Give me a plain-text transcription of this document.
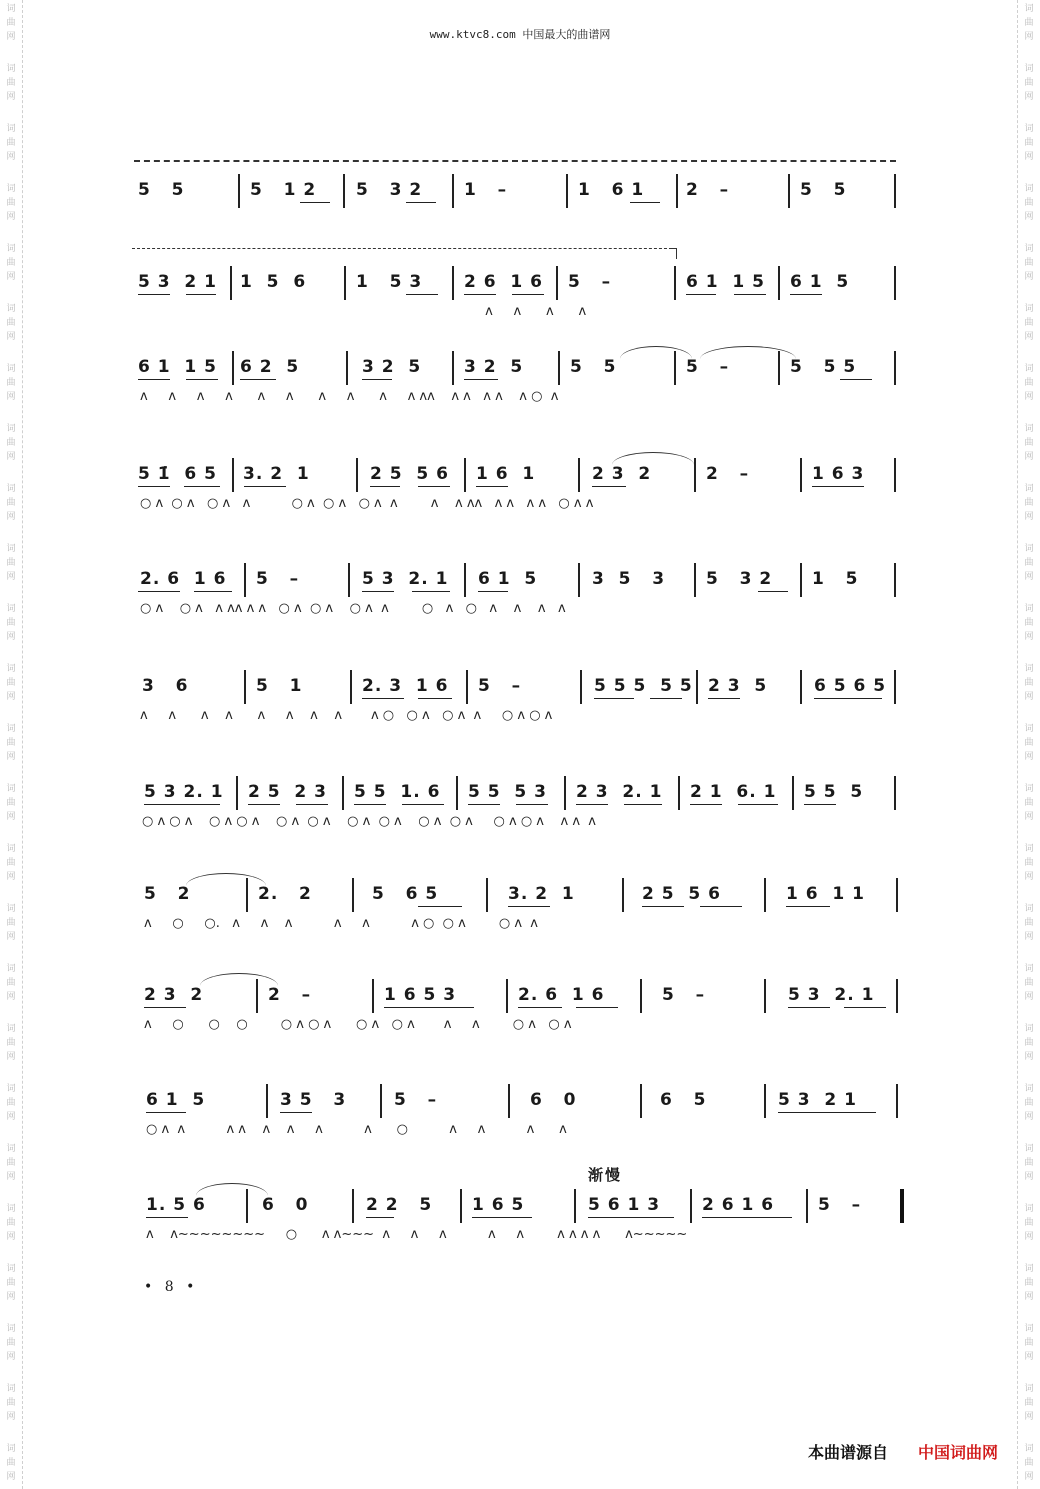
词
曲
网
词
曲
网
词
曲
网
词
曲
网
词
曲
网
词
曲
网
词
曲
网
词
曲
网
词
曲
网
词
曲
网
词
曲
网
词
曲
网
词
曲
网
词
曲
网
词
曲
网
词
曲
网
词
曲
网
词
曲
网
词
曲
网
词
曲
网
词
曲
网
词
曲
网
词
曲
网
词
曲
网
词
曲
网
词
曲
网
词
曲
网
词
曲
网
词
曲
网
词
曲
网
词
曲
网
词
曲
网
词
曲
网
词
曲
网
词
曲
网
词
曲
网
词
曲
网
词
曲
网
词
曲
网
词
曲
网
词
曲
网
词
曲
网
词
曲
网
词
曲
网
词
曲
网
词
曲
网
词
曲
网
词
曲
网
词
曲
网
词
曲
网
www.ktvc8.com 中国最大的曲谱网
5   5	5   1 2 5   3 2 1   –	1   6 1 2   –	5   5
5 3  2 1 1  5  6	1   5 3 2 6  1 6 5   –	6 1  1 5 6 1  5
ʌ     ʌ      ʌ      ʌ
6 1  1 5 6 2  5	3 2  5	3 2  5	5   5	5   –	5   5 5
ʌ     ʌ     ʌ     ʌ      ʌ     ʌ      ʌ     ʌ      ʌ     ʌ ʌʌ    ʌ ʌ   ʌ ʌ    ʌ ○  ʌ
5 1̇  6 5 3. 2  1	2 5  5 6 1 6  1	2 3  2	2   –	1 6 3
○ ʌ  ○ ʌ   ○ ʌ   ʌ          ○ ʌ  ○ ʌ   ○ ʌ  ʌ        ʌ    ʌ ʌʌ   ʌ ʌ   ʌ ʌ   ○ ʌ ʌ
2. 6  1 6 5   –	5 3  2. 1 6 1  5	3  5   3 5   3 2 1   5
○ ʌ    ○ ʌ   ʌ ʌʌ ʌ ʌ   ○ ʌ  ○ ʌ    ○ ʌ  ʌ        ○   ʌ   ○   ʌ    ʌ    ʌ   ʌ
3   6	5   1	2. 3  1 6 5   –	5 5 5  5 5 2 3  5	6 5 6 5
ʌ     ʌ      ʌ    ʌ      ʌ     ʌ    ʌ    ʌ       ʌ ○   ○ ʌ   ○ ʌ  ʌ     ○ ʌ ○ ʌ
5 3 2. 1 2 5  2 3 5 5  1. 6 5 5  5 3 2 3  2. 1 2 1  6. 1 5 5  5
○ ʌ ○ ʌ    ○ ʌ ○ ʌ    ○ ʌ  ○ ʌ    ○ ʌ  ○ ʌ    ○ ʌ  ○ ʌ     ○ ʌ ○ ʌ    ʌ ʌ  ʌ
5   2	2.   2	5   6 5	3. 2  1	2 5  5 6	1 6  1 1
ʌ     ○     ○.   ʌ     ʌ    ʌ          ʌ     ʌ          ʌ ○  ○ ʌ        ○ ʌ  ʌ
2 3  2	2   –	1 6 5 3	2. 6  1 6	5   –	5 3  2. 1
ʌ     ○      ○    ○        ○ ʌ ○ ʌ      ○ ʌ   ○ ʌ       ʌ     ʌ        ○ ʌ   ○ ʌ
6 1  5	3 5   3	5   –	6   0	6   5	5 3  2 1
○ ʌ  ʌ          ʌ ʌ    ʌ    ʌ     ʌ          ʌ      ○          ʌ     ʌ          ʌ      ʌ
1. 5 6	6   0	2 2   5 1 6 5	5 6 1 3 2 6 1 6	5   –
ʌ    ʌ~~~~~~~~     ○      ʌ ʌ~~~  ʌ     ʌ     ʌ          ʌ     ʌ        ʌ ʌ ʌ ʌ      ʌ~~~~~
渐慢
• 8 •
本曲谱源自 中国词曲网
